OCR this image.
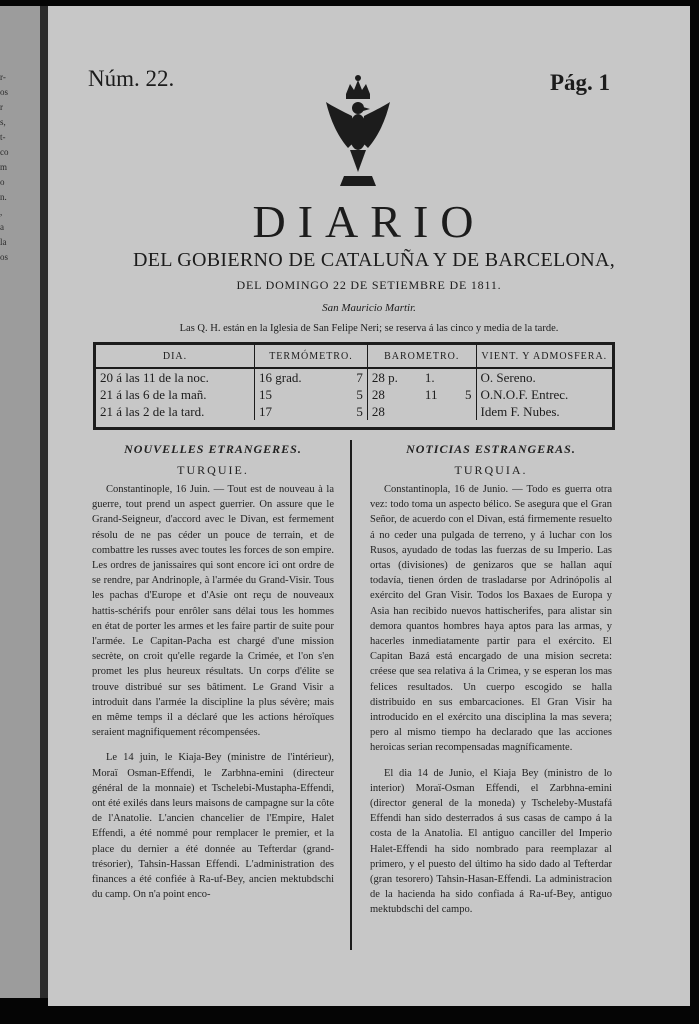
r-
os
r
s,
t-
co
m
o
n.
,
a
la
os
Núm. 22.	Pág. 1
DIARIO
DEL GOBIERNO DE CATALUÑA Y DE BARCELONA,
DEL DOMINGO 22 DE SETIEMBRE DE 1811.
San Mauricio Martir.
Las Q. H. están en la Iglesia de San Felipe Neri; se reserva á las cinco y media de la tarde.
DIA.	TERMÓMETRO.		BAROMETRO.			VIENT. Y ADMOSFERA.
20 á las 11 de la noc.	16 grad.	7	28 p.	1.		O. Sereno.
21 á las 6 de la mañ.	15	5	28	11	5	O.N.O.F. Entrec.
21 á las 2 de la tard.	17	5	28			Idem F. Nubes.
NOUVELLES ETRANGERES.
TURQUIE.

Constantinople, 16 Juin. — Tout est de nouveau à la guerre, tout prend un aspect guerrier. On assure que le Grand-Seigneur, d'accord avec le Divan, est fermement résolu de ne pas céder un pouce de terrain, et de combattre les russes avec toutes les forces de son empire. Les ordres de janissaires qui sont encore ici ont ordre de se rendre, par Andrinople, à l'armée du Grand-Visir. Tous les pachas d'Europe et d'Asie ont reçu de nouveaux hattis-schérifs pour enrôler sans délai tous les hommes en état de porter les armes et les faire partir de suite pour l'armée. Le Capitan-Pacha est chargé d'une mission secrète, on croit qu'elle regarde la Crimée, et l'on s'en promet les plus heureux résultats. Un corps d'élite se trouve distribué sur ses bâtiment. Le Grand Visir a introduit dans l'armée la discipline la plus sévère; mais en même temps il a déclaré que les actions héroïques seraient magnifiquement récompensées.

Le 14 juin, le Kiaja-Bey (ministre de l'intérieur), Moraï Osman-Effendi, le Zarbhna-emini (directeur général de la monnaie) et Tschelebi-Mustapha-Effendi, ont été exilés dans leurs maisons de campagne sur la côte de l'Anatolie. L'ancien chancelier de l'Empire, Halet Effendi, a été nommé pour remplacer le premier, et la place du dernier a été donnée au Tefterdar (grand-trésorier), Tahsin-Hassan Effendi. L'administration des finances a été confiée à Ra-uf-Bey, ancien mektubdschi du camp. On n'a point enco-

NOTICIAS ESTRANGERAS.
TURQUIA.

Constantinopla, 16 de Junio. — Todo es guerra otra vez: todo toma un aspecto bélico. Se asegura que el Gran Señor, de acuerdo con el Divan, está firmemente resuelto á no ceder una pulgada de terreno, y á luchar con los Rusos, ayudado de todas las fuerzas de su Imperio. Las ortas (divisiones) de genizaros que se hallan aquí todavía, tienen órden de trasladarse por Adrinópolis al exército del Gran Visir. Todos los Baxaes de Europa y Asia han recibido nuevos hattischerifes, para alistar sin demora quantos hombres haya aptos para las armas, y hacerles inmediatamente partir para el exército. El Capitan Bazá está encargado de una mision secreta: créese que sea relativa á la Crimea, y se esperan los mas felices resultados. Un cuerpo escogido se halla distribuido en sus embarcaciones. El Gran Visir ha introducido en el exército una disciplina la mas severa; pero al mismo tiempo ha declarado que las acciones heroicas serian recompensadas magníficamente.

El dia 14 de Junio, el Kiaja Bey (ministro de lo interior) Moraï-Osman Effendi, el Zarbhna-emini (director general de la moneda) y Tscheleby-Mustafá Effendi han sido desterrados á sus casas de campo á la costa de la Anatolia. El antiguo canciller del Imperio Halet-Effendi ha sido nombrado para reemplazar al primero, y el puesto del último ha sido dado al Tefterdar (gran tesorero) Tahsin-Hasan-Effendi. La administracion de la hacienda ha sido confiada á Ra-uf-Bey, antiguo mektubdschi del campo.
